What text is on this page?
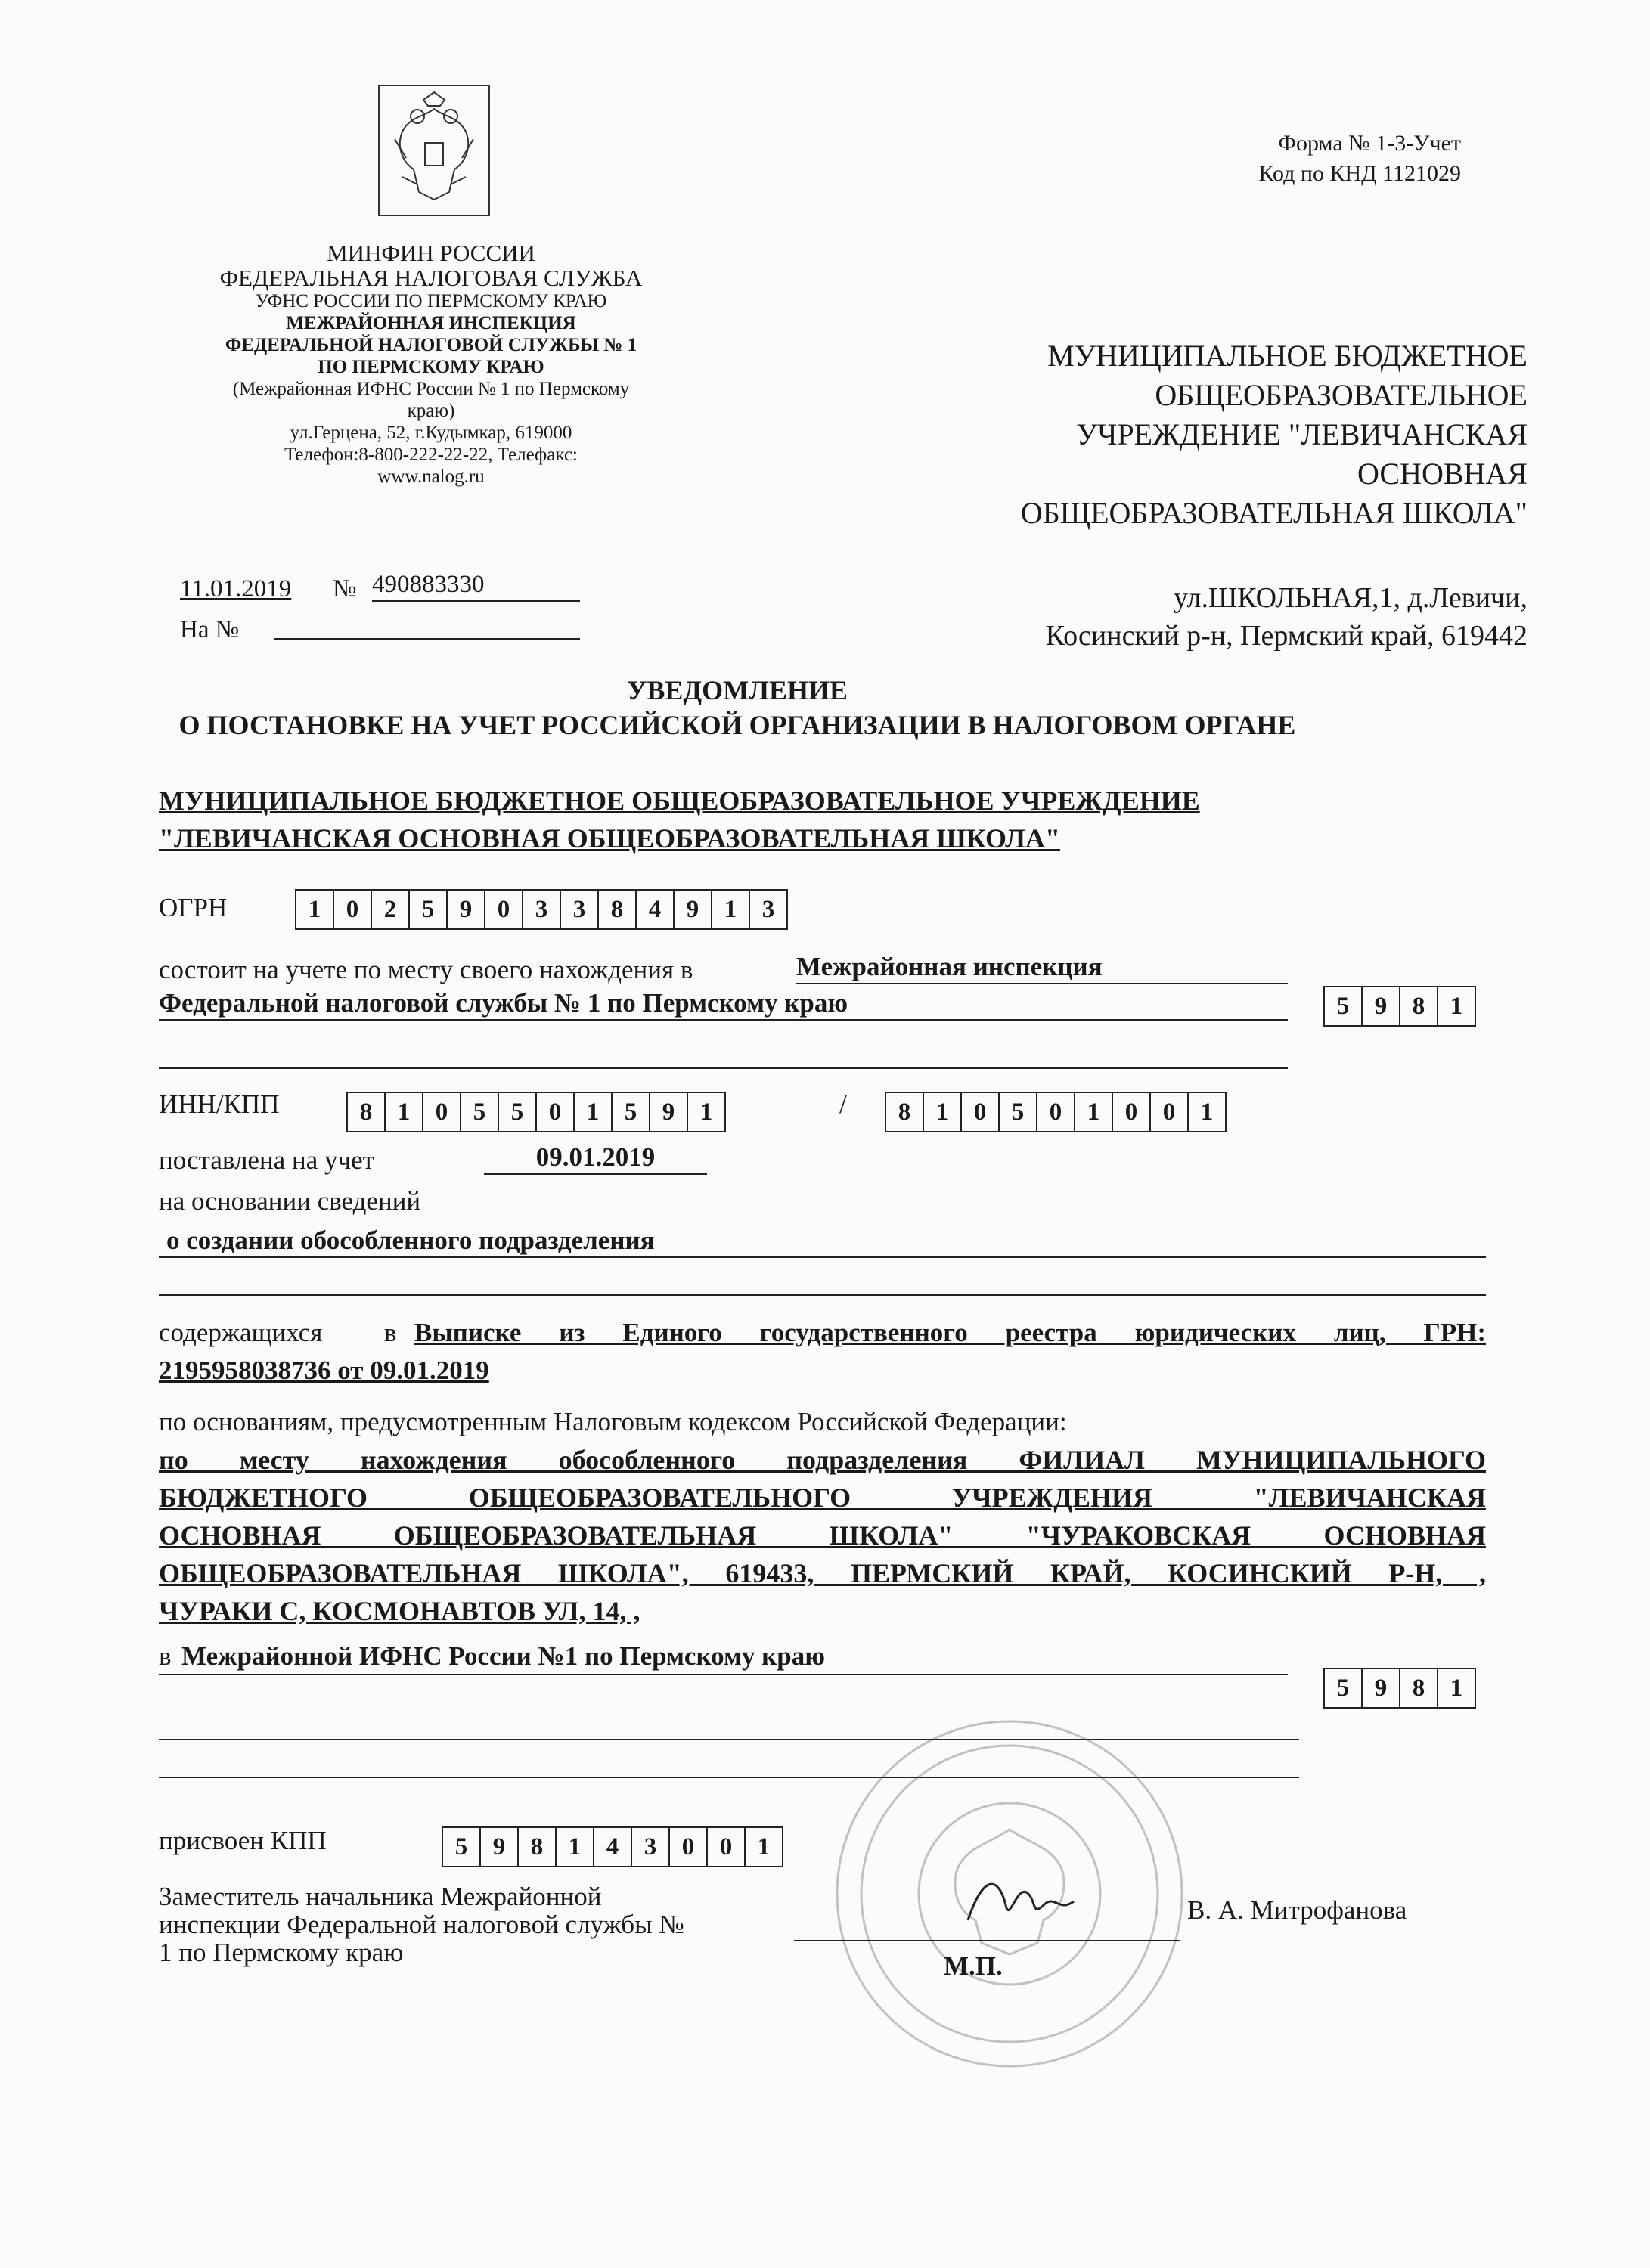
МИНФИН РОССИИ
ФЕДЕРАЛЬНАЯ НАЛОГОВАЯ СЛУЖБА
УФНС РОССИИ ПО ПЕРМСКОМУ КРАЮ
МЕЖРАЙОННАЯ ИНСПЕКЦИЯ
ФЕДЕРАЛЬНОЙ НАЛОГОВОЙ СЛУЖБЫ № 1
ПО ПЕРМСКОМУ КРАЮ
(Межрайонная ИФНС России № 1 по Пермскому
краю)
ул.Герцена, 52, г.Кудымкар, 619000
Телефон:8-800-222-22-22, Телефакс:
www.nalog.ru
Форма № 1-3-Учет
Код по КНД 1121029
МУНИЦИПАЛЬНОЕ БЮДЖЕТНОЕ
ОБЩЕОБРАЗОВАТЕЛЬНОЕ
УЧРЕЖДЕНИЕ "ЛЕВИЧАНСКАЯ
ОСНОВНАЯ
ОБЩЕОБРАЗОВАТЕЛЬНАЯ ШКОЛА"
ул.ШКОЛЬНАЯ,1, д.Левичи,
Косинский р-н, Пермский край, 619442
11.01.2019 № 490883330
На №
УВЕДОМЛЕНИЕ
О ПОСТАНОВКЕ НА УЧЕТ РОССИЙСКОЙ ОРГАНИЗАЦИИ В НАЛОГОВОМ ОРГАНЕ
МУНИЦИПАЛЬНОЕ БЮДЖЕТНОЕ ОБЩЕОБРАЗОВАТЕЛЬНОЕ УЧРЕЖДЕНИЕ
"ЛЕВИЧАНСКАЯ ОСНОВНАЯ ОБЩЕОБРАЗОВАТЕЛЬНАЯ ШКОЛА"
ОГРН	1	0	2	5	9	0	3	3	8	4	9	1	3
состоит на учете по месту своего нахождения в	Межрайонная инспекция
Федеральной налоговой службы № 1 по Пермскому краю	5	9	8	1
ИНН/КПП	8	1	0	5	5	0	1	5	9	1	/	8	1	0	5	0	1	0	0	1
поставлена на учет	09.01.2019
на основании сведений
о создании обособленного подразделения
содержащихся в Выписке из Единого государственного реестра юридических лиц, ГРН:
2195958038736 от 09.01.2019
по основаниям, предусмотренным Налоговым кодексом Российской Федерации:
по месту нахождения обособленного подразделения ФИЛИАЛ МУНИЦИПАЛЬНОГО
БЮДЖЕТНОГО ОБЩЕОБРАЗОВАТЕЛЬНОГО УЧРЕЖДЕНИЯ "ЛЕВИЧАНСКАЯ
ОСНОВНАЯ ОБЩЕОБРАЗОВАТЕЛЬНАЯ ШКОЛА" "ЧУРАКОВСКАЯ ОСНОВНАЯ
ОБЩЕОБРАЗОВАТЕЛЬНАЯ ШКОЛА", 619433, ПЕРМСКИЙ КРАЙ, КОСИНСКИЙ Р-Н, ,
ЧУРАКИ С, КОСМОНАВТОВ УЛ, 14, ,
в Межрайонной ИФНС России №1 по Пермскому краю
5	9	8	1
присвоен КПП	5	9	8	1	4	3	0	0	1
Заместитель начальника Межрайонной
инспекции Федеральной налоговой службы №
1 по Пермскому краю
В. А. Митрофанова
М.П.
